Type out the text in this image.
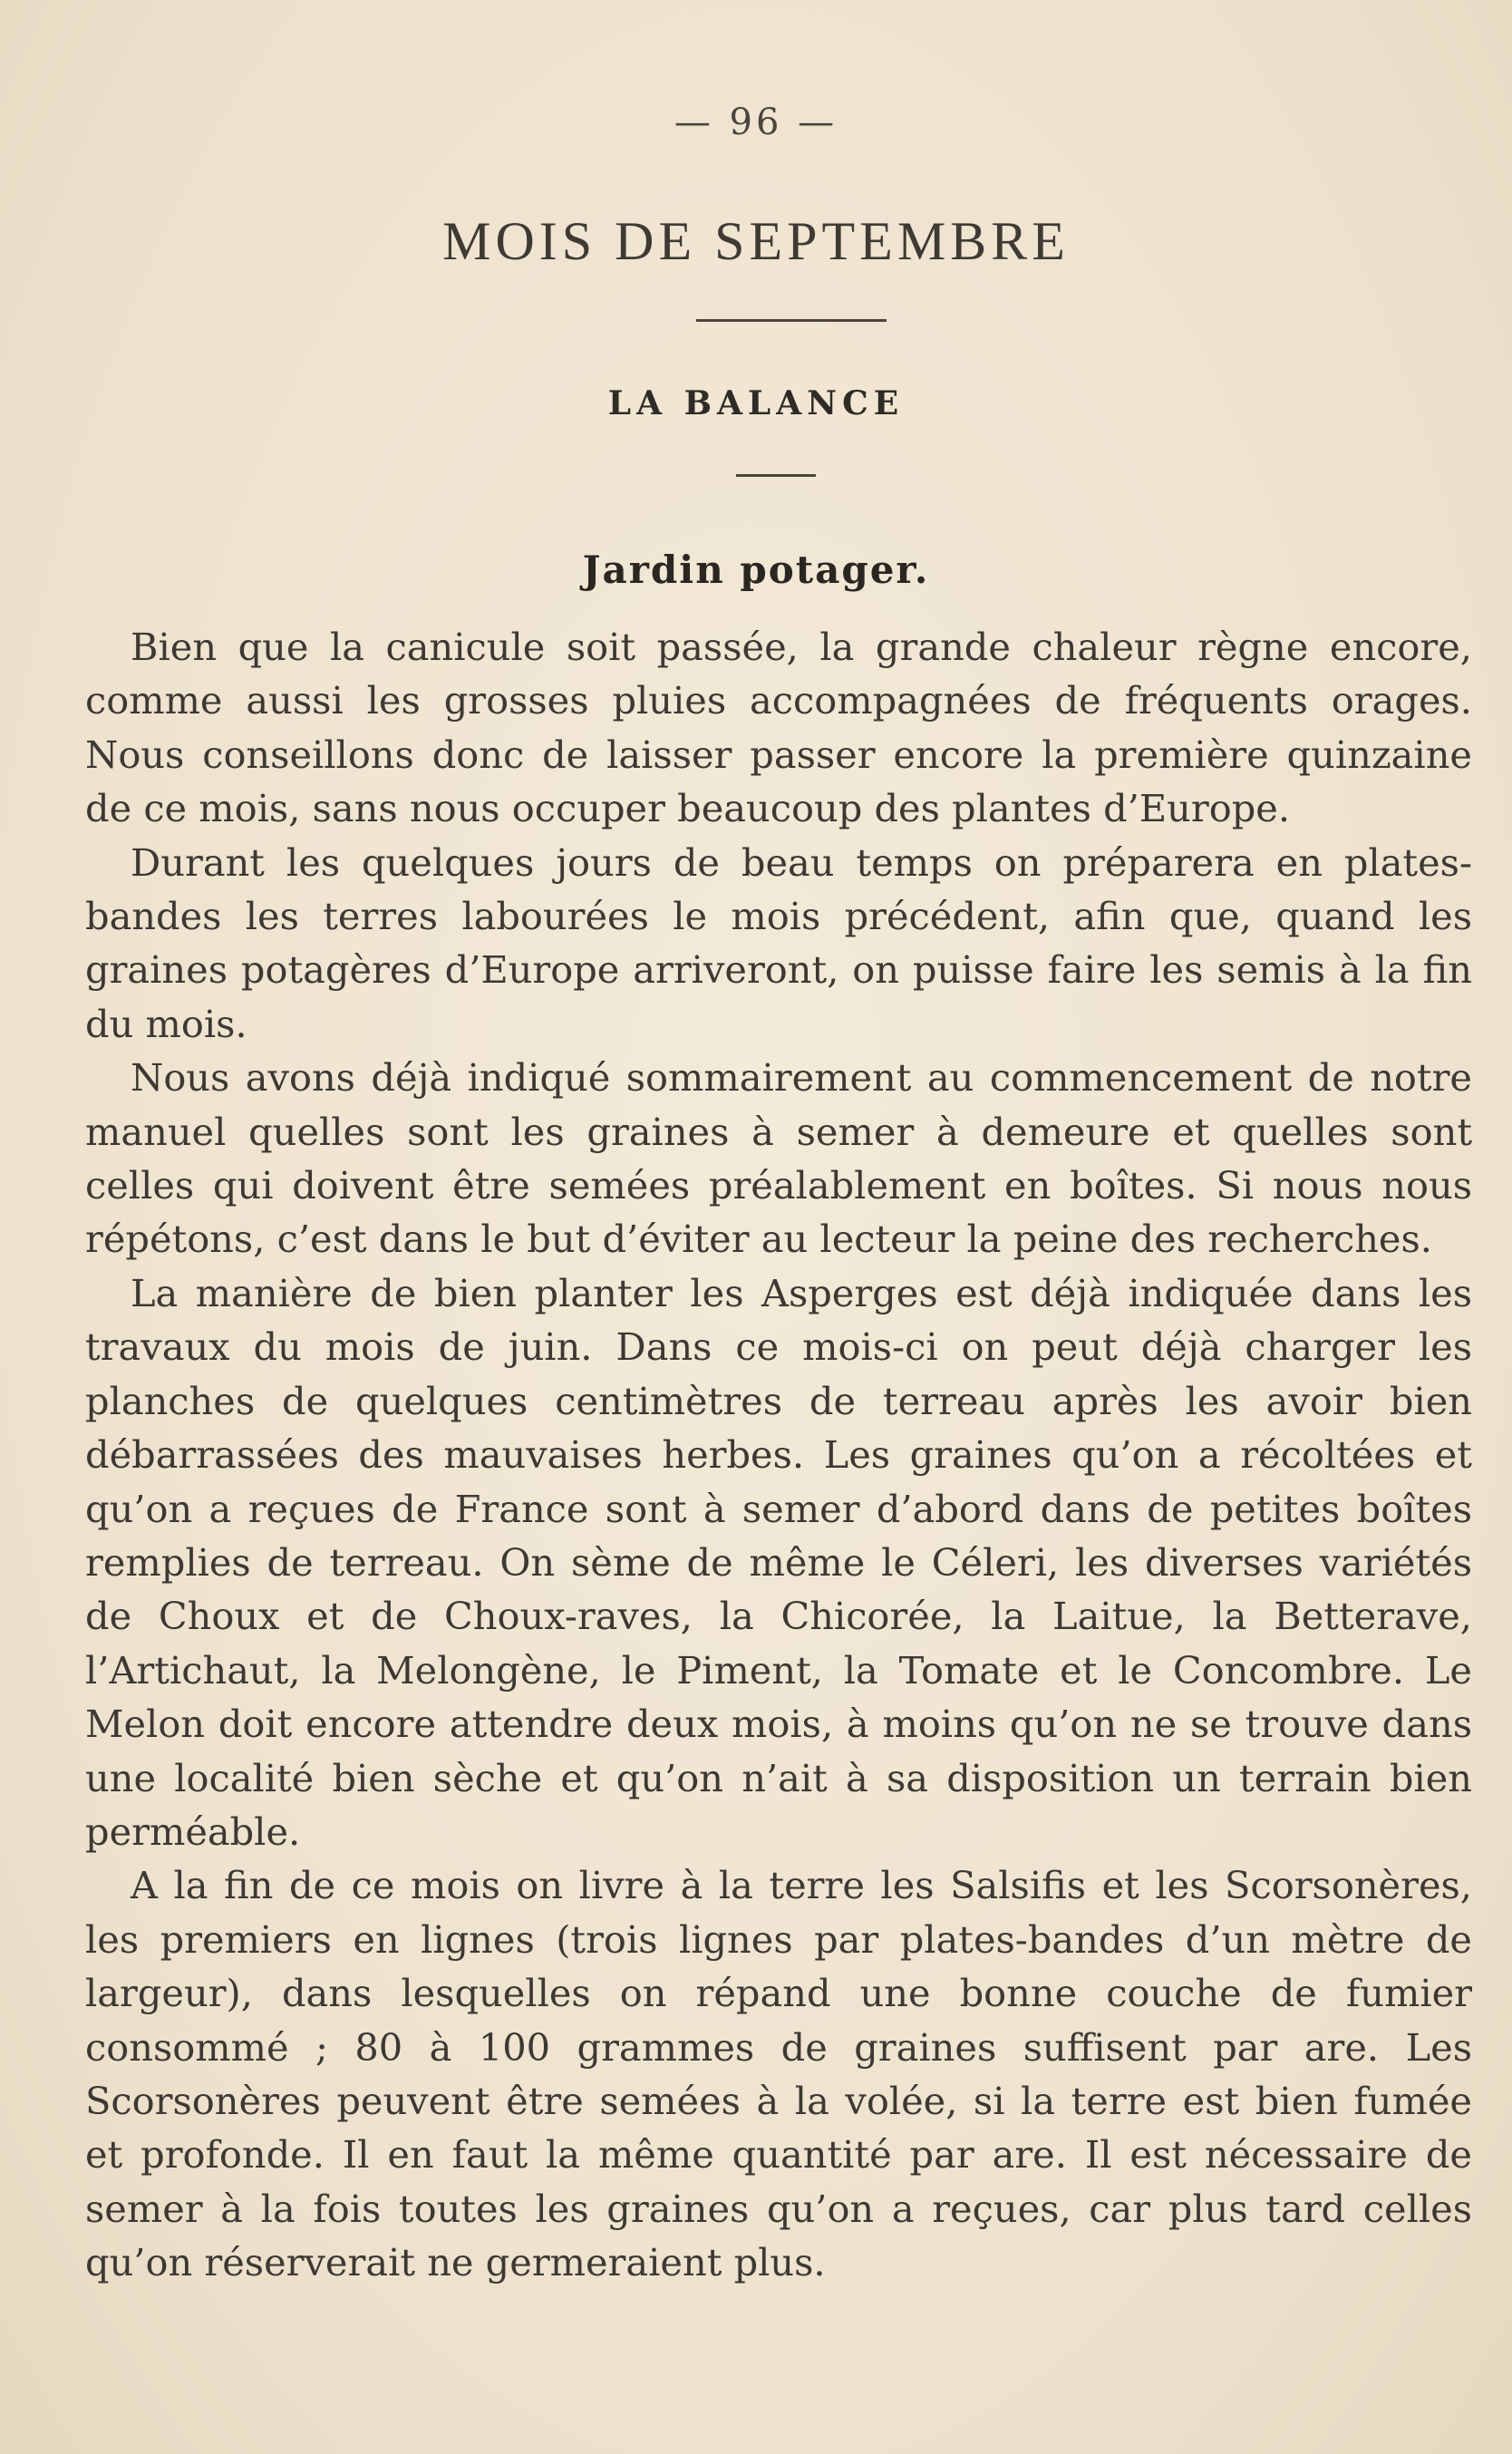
— 96 —
MOIS DE SEPTEMBRE
LA BALANCE
Jardin potager.

Bien que la canicule soit passée, la grande chaleur règne encore, comme aussi les grosses pluies accompagnées de fréquents orages. Nous conseillons donc de laisser passer encore la première quinzaine de ce mois, sans nous occuper beaucoup des plantes d’Europe.

Durant les quelques jours de beau temps on préparera en plates-bandes les terres labourées le mois précédent, afin que, quand les graines potagères d’Europe arriveront, on puisse faire les semis à la fin du mois.

Nous avons déjà indiqué sommairement au commencement de notre manuel quelles sont les graines à semer à demeure et quelles sont celles qui doivent être semées préalablement en boîtes. Si nous nous répétons, c’est dans le but d’éviter au lecteur la peine des recherches.

La manière de bien planter les Asperges est déjà indiquée dans les travaux du mois de juin. Dans ce mois-ci on peut déjà charger les planches de quelques centimètres de terreau après les avoir bien débarrassées des mauvaises herbes. Les graines qu’on a récoltées et qu’on a reçues de France sont à semer d’abord dans de petites boîtes remplies de terreau. On sème de même le Céleri, les diverses variétés de Choux et de Choux-raves, la Chicorée, la Laitue, la Betterave, l’Artichaut, la Melongène, le Piment, la Tomate et le Concombre. Le Melon doit encore attendre deux mois, à moins qu’on ne se trouve dans une localité bien sèche et qu’on n’ait à sa disposition un terrain bien perméable.

A la fin de ce mois on livre à la terre les Salsifis et les Scorsonères, les premiers en lignes (trois lignes par plates-bandes d’un mètre de largeur), dans lesquelles on répand une bonne couche de fumier consommé ; 80 à 100 grammes de graines suffisent par are. Les Scorsonères peuvent être semées à la volée, si la terre est bien fumée et profonde. Il en faut la même quantité par are. Il est nécessaire de semer à la fois toutes les graines qu’on a reçues, car plus tard celles qu’on réserverait ne germeraient plus.
